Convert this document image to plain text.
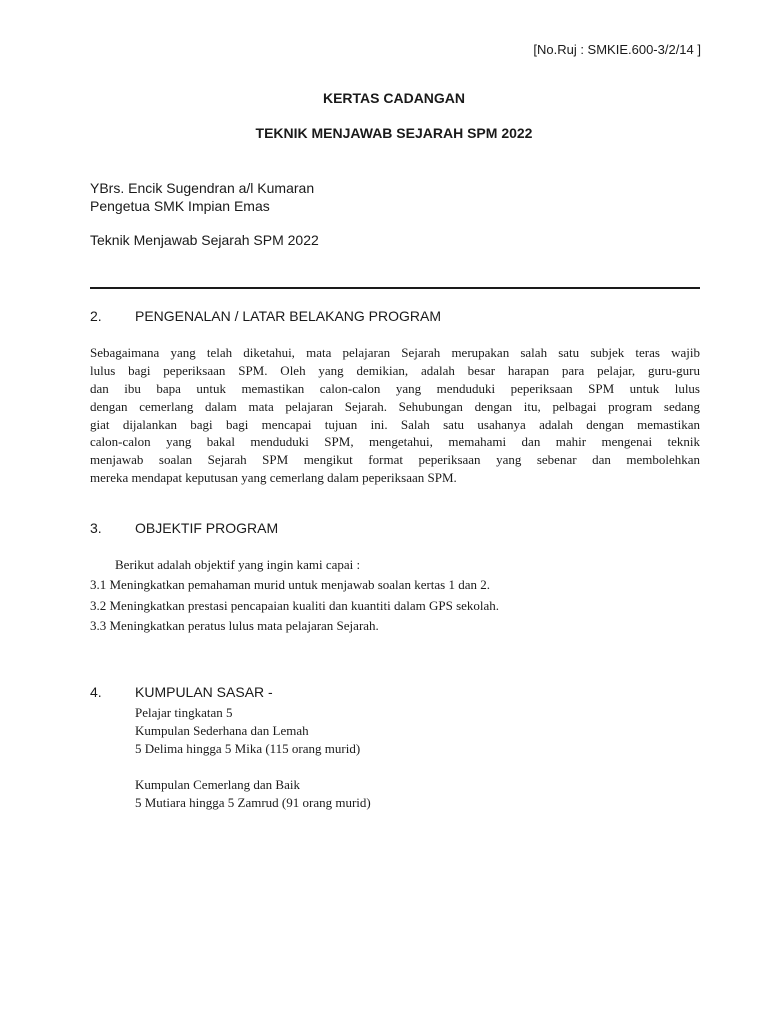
[No.Ruj : SMKIE.600-3/2/14 ]
KERTAS CADANGAN
TEKNIK MENJAWAB SEJARAH SPM 2022
YBrs. Encik Sugendran a/l Kumaran
Pengetua SMK Impian Emas
Teknik Menjawab Sejarah SPM 2022
2. PENGENALAN / LATAR BELAKANG PROGRAM
Sebagaimana yang telah diketahui, mata pelajaran Sejarah merupakan salah satu subjek teras wajib
lulus bagi peperiksaan SPM. Oleh yang demikian, adalah besar harapan para pelajar, guru-guru
dan ibu bapa untuk memastikan calon-calon yang menduduki peperiksaan SPM untuk lulus
dengan cemerlang dalam mata pelajaran Sejarah. Sehubungan dengan itu, pelbagai program sedang
giat dijalankan bagi bagi mencapai tujuan ini. Salah satu usahanya adalah dengan memastikan
calon-calon yang bakal menduduki SPM, mengetahui, memahami dan mahir mengenai teknik
menjawab soalan Sejarah SPM mengikut format peperiksaan yang sebenar dan membolehkan
mereka mendapat keputusan yang cemerlang dalam peperiksaan SPM.
3. OBJEKTIF PROGRAM
Berikut adalah objektif yang ingin kami capai :
3.1 Meningkatkan pemahaman murid untuk menjawab soalan kertas 1 dan 2.
3.2 Meningkatkan prestasi pencapaian kualiti dan kuantiti dalam GPS sekolah.
3.3 Meningkatkan peratus lulus mata pelajaran Sejarah.
4. KUMPULAN SASAR -
Pelajar tingkatan 5
Kumpulan Sederhana dan Lemah
5 Delima hingga 5 Mika (115 orang murid)
Kumpulan Cemerlang dan Baik
5 Mutiara hingga 5 Zamrud (91 orang murid)
